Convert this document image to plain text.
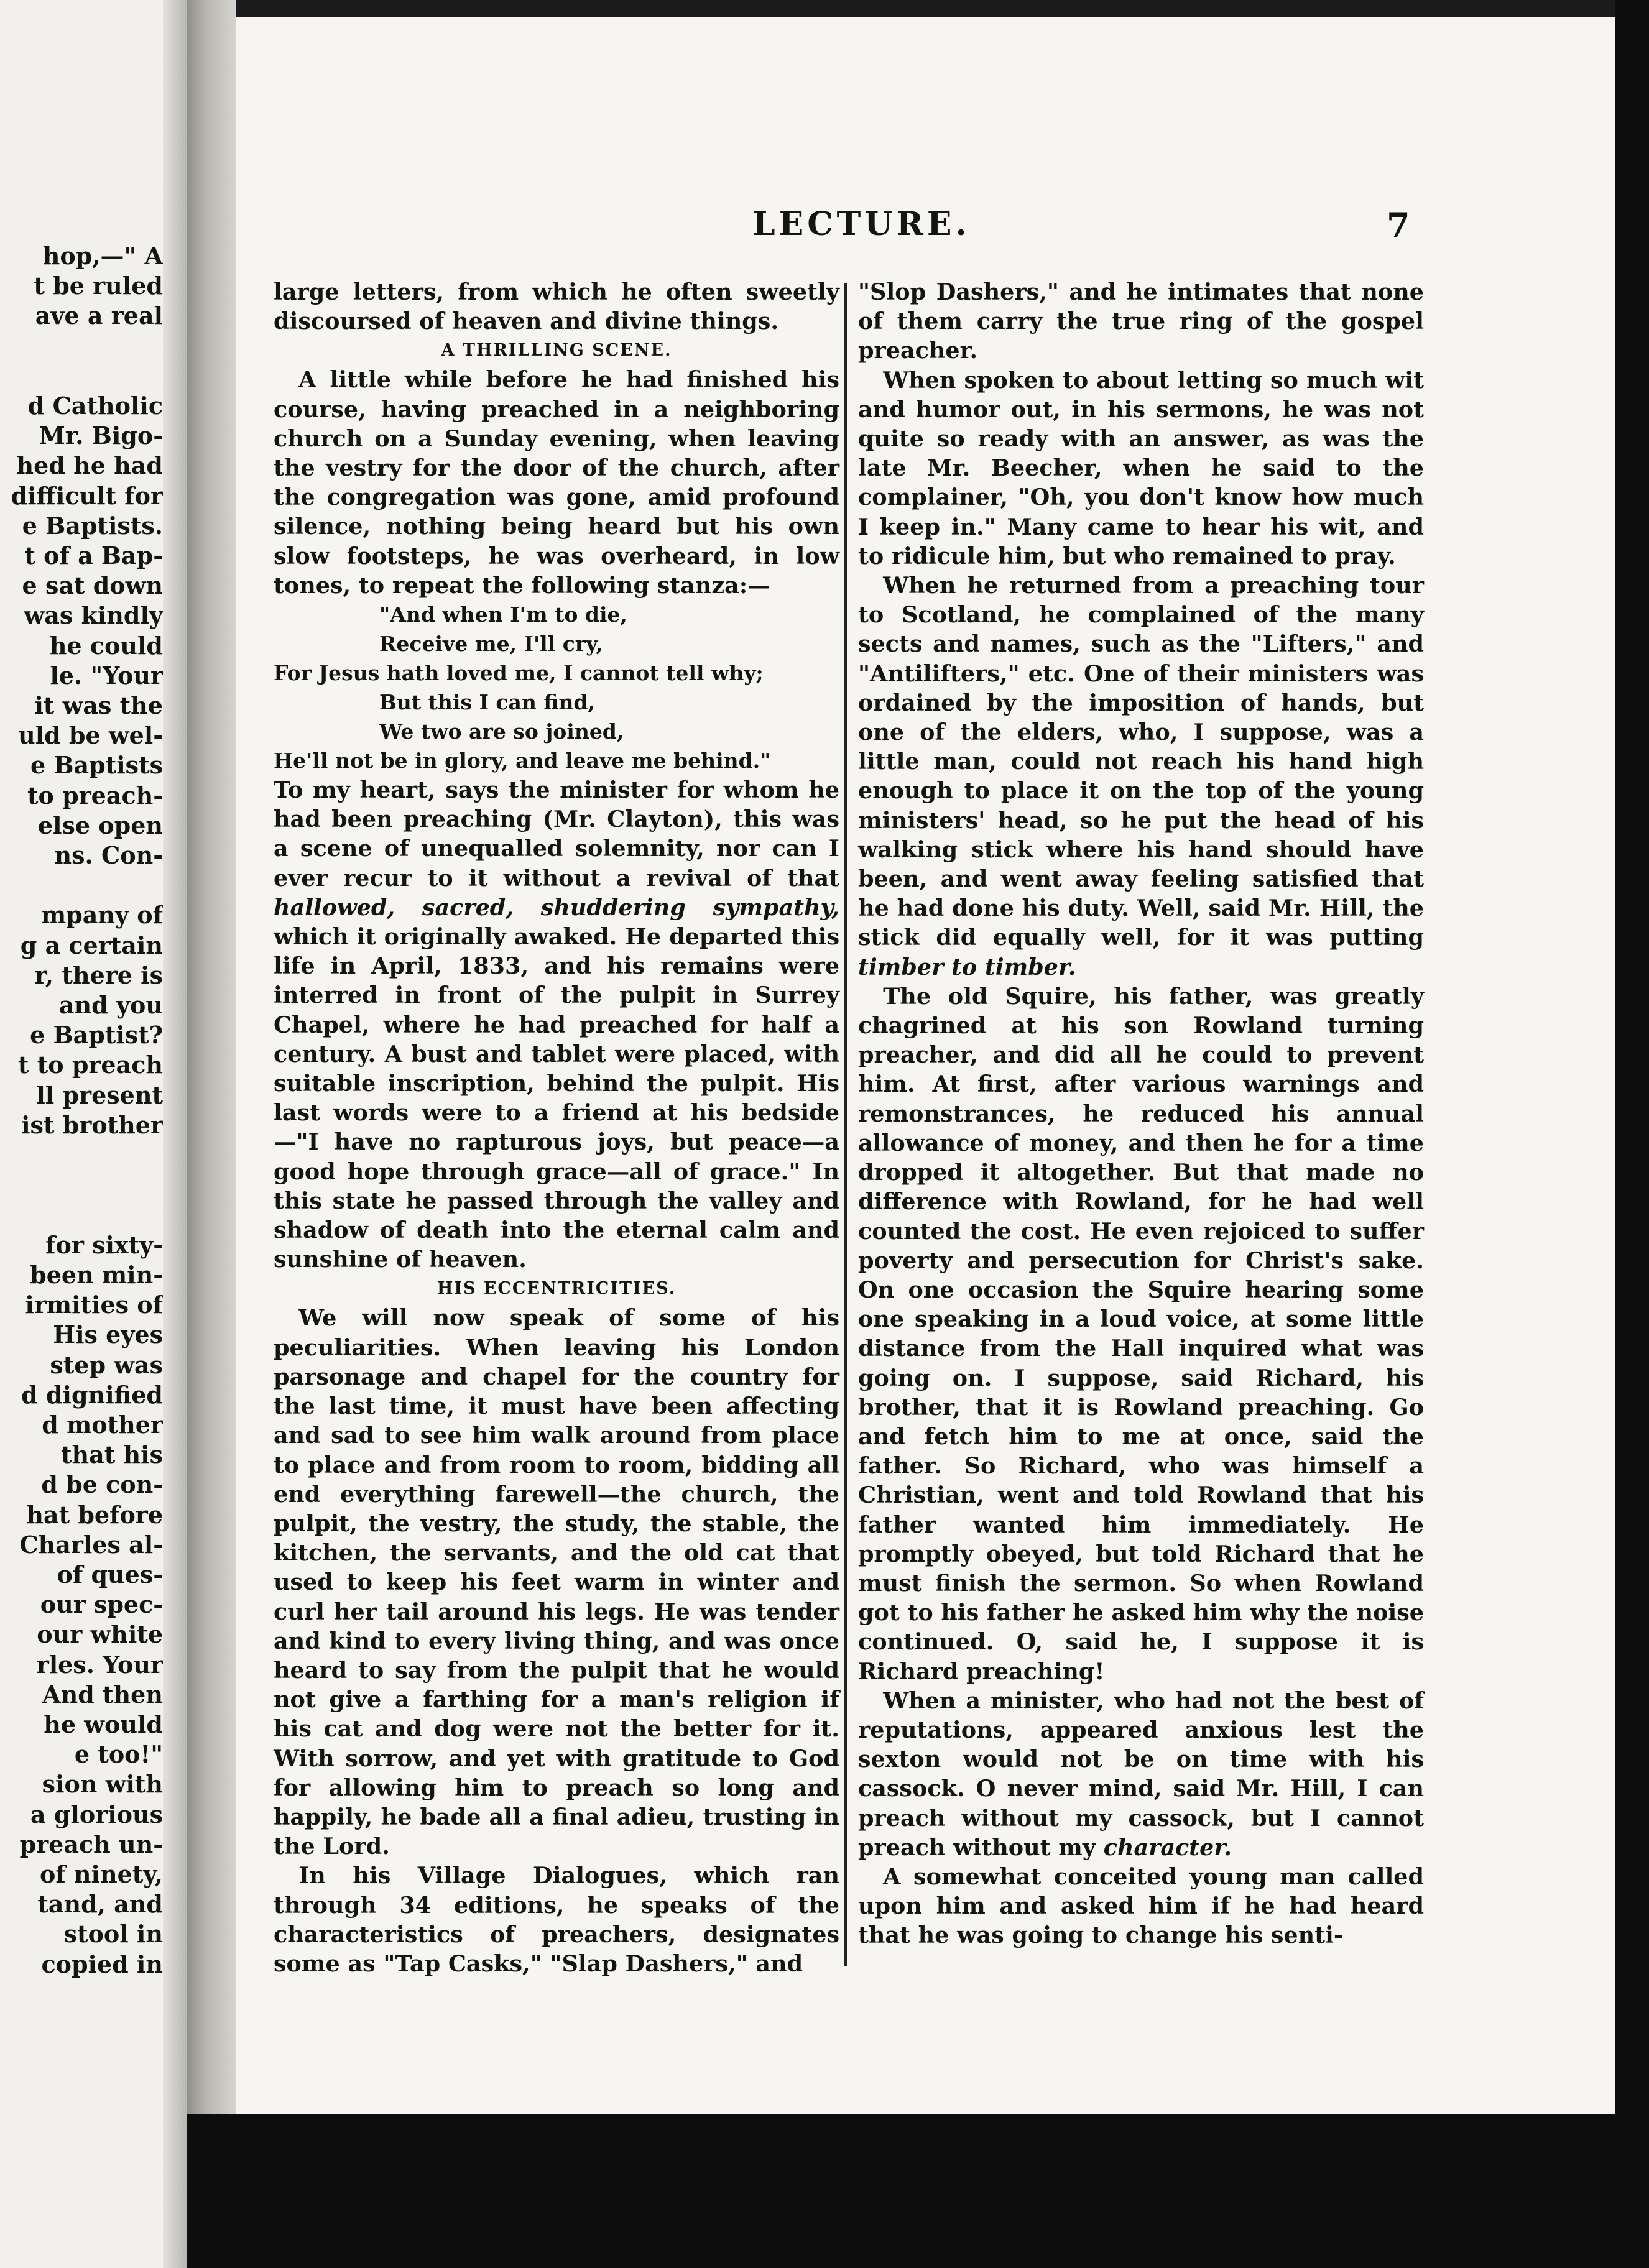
hop,—" A
t be ruled
ave a real

d Catholic
Mr. Bigo-
hed he had
difficult for
e Baptists.
t of a Bap-
e sat down
was kindly
he could
le. "Your
it was the
uld be wel-
e Baptists
to preach-
else open
ns. Con-

mpany of
g a certain
r, there is
and you
e Baptist?
t to preach
ll present
ist brother

for sixty-
been min-
irmities of
His eyes
step was
d dignified
d mother
that his
d be con-
hat before
Charles al-
of ques-
our spec-
our white
rles. Your
And then
he would
e too!"
sion with
a glorious
preach un-
of ninety,
tand, and
stool in
copied in
LECTURE.	7

large letters, from which he often sweetly discoursed of heaven and divine things.

A THRILLING SCENE.

A little while before he had finished his course, having preached in a neighboring church on a Sunday evening, when leaving the vestry for the door of the church, after the congregation was gone, amid profound silence, nothing being heard but his own slow footsteps, he was overheard, in low tones, to repeat the following stanza:—

"And when I'm to die,
Receive me, I'll cry,
For Jesus hath loved me, I cannot tell why;
But this I can find,
We two are so joined,
He'll not be in glory, and leave me behind."

To my heart, says the minister for whom he had been preaching (Mr. Clayton), this was a scene of unequalled solemnity, nor can I ever recur to it without a revival of that hallowed, sacred, shuddering sympathy, which it originally awaked. He departed this life in April, 1833, and his remains were interred in front of the pulpit in Surrey Chapel, where he had preached for half a century. A bust and tablet were placed, with suitable inscription, behind the pulpit. His last words were to a friend at his bedside—"I have no rapturous joys, but peace—a good hope through grace—all of grace." In this state he passed through the valley and shadow of death into the eternal calm and sunshine of heaven.

HIS ECCENTRICITIES.

We will now speak of some of his peculiarities. When leaving his London parsonage and chapel for the country for the last time, it must have been affecting and sad to see him walk around from place to place and from room to room, bidding all end everything farewell—the church, the pulpit, the vestry, the study, the stable, the kitchen, the servants, and the old cat that used to keep his feet warm in winter and curl her tail around his legs. He was tender and kind to every living thing, and was once heard to say from the pulpit that he would not give a farthing for a man's religion if his cat and dog were not the better for it. With sorrow, and yet with gratitude to God for allowing him to preach so long and happily, he bade all a final adieu, trusting in the Lord.

In his Village Dialogues, which ran through 34 editions, he speaks of the characteristics of preachers, designates some as "Tap Casks," "Slap Dashers," and

"Slop Dashers," and he intimates that none of them carry the true ring of the gospel preacher.

When spoken to about letting so much wit and humor out, in his sermons, he was not quite so ready with an answer, as was the late Mr. Beecher, when he said to the complainer, "Oh, you don't know how much I keep in." Many came to hear his wit, and to ridicule him, but who remained to pray.

When he returned from a preaching tour to Scotland, he complained of the many sects and names, such as the "Lifters," and "Antilifters," etc. One of their ministers was ordained by the imposition of hands, but one of the elders, who, I suppose, was a little man, could not reach his hand high enough to place it on the top of the young ministers' head, so he put the head of his walking stick where his hand should have been, and went away feeling satisfied that he had done his duty. Well, said Mr. Hill, the stick did equally well, for it was putting timber to timber.

The old Squire, his father, was greatly chagrined at his son Rowland turning preacher, and did all he could to prevent him. At first, after various warnings and remonstrances, he reduced his annual allowance of money, and then he for a time dropped it altogether. But that made no difference with Rowland, for he had well counted the cost. He even rejoiced to suffer poverty and persecution for Christ's sake. On one occasion the Squire hearing some one speaking in a loud voice, at some little distance from the Hall inquired what was going on. I suppose, said Richard, his brother, that it is Rowland preaching. Go and fetch him to me at once, said the father. So Richard, who was himself a Christian, went and told Rowland that his father wanted him immediately. He promptly obeyed, but told Richard that he must finish the sermon. So when Rowland got to his father he asked him why the noise continued. O, said he, I suppose it is Richard preaching!

When a minister, who had not the best of reputations, appeared anxious lest the sexton would not be on time with his cassock. O never mind, said Mr. Hill, I can preach without my cassock, but I cannot preach without my character.

A somewhat conceited young man called upon him and asked him if he had heard that he was going to change his senti-
